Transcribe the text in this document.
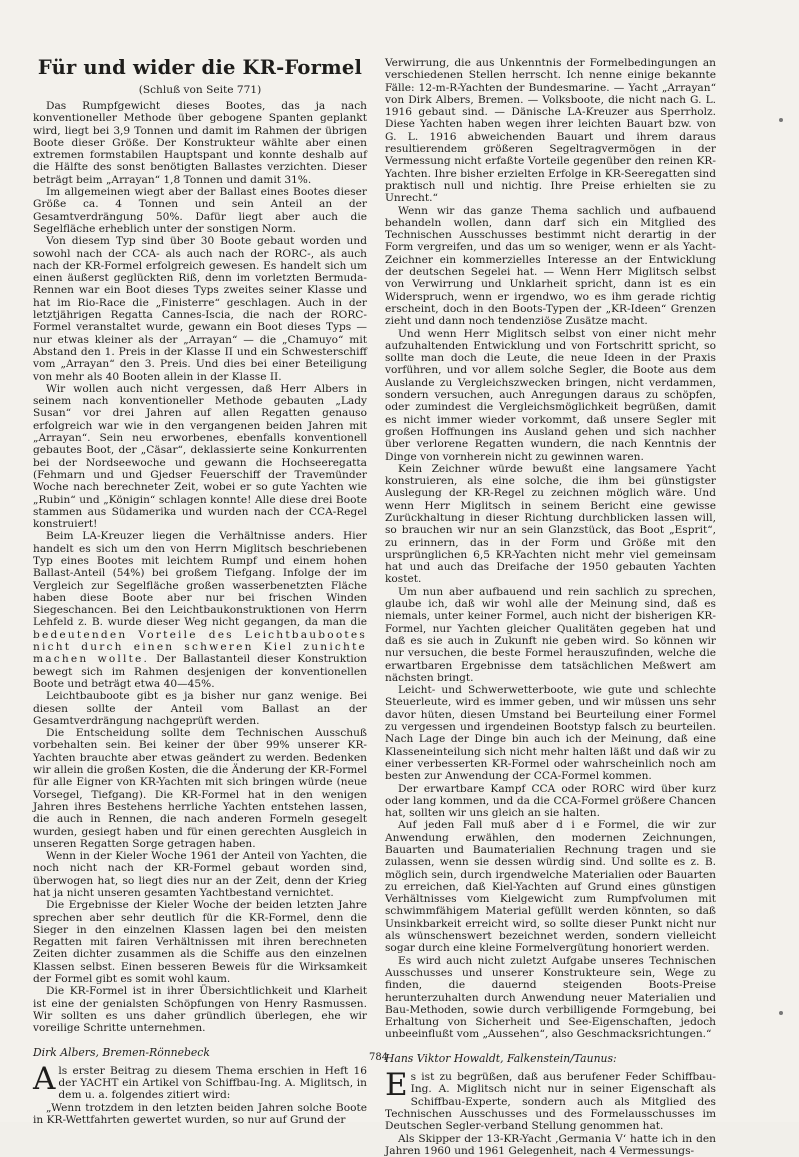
Für und wider die KR-Formel
(Schluß von Seite 771)

Das Rumpfgewicht dieses Bootes, das ja nach konventioneller Methode über gebogene Spanten geplankt wird, liegt bei 3,9 Tonnen und damit im Rahmen der übrigen Boote dieser Größe. Der Konstrukteur wählte aber einen extremen formstabilen Hauptspant und konnte deshalb auf die Hälfte des sonst benötigten Ballastes verzichten. Dieser beträgt beim „Arrayan“ 1,8 Tonnen und damit 31%.

Im allgemeinen wiegt aber der Ballast eines Bootes dieser Größe ca. 4 Tonnen und sein Anteil an der Gesamtverdrängung 50%. Dafür liegt aber auch die Segelfläche erheblich unter der sonstigen Norm.

Von diesem Typ sind über 30 Boote gebaut worden und sowohl nach der CCA- als auch nach der RORC-, als auch nach der KR-Formel erfolgreich gewesen. Es handelt sich um einen äußerst geglückten Riß, denn im vorletzten Bermuda-Rennen war ein Boot dieses Typs zweites seiner Klasse und hat im Rio-Race die „Finisterre“ geschlagen. Auch in der letztjährigen Regatta Cannes-Iscia, die nach der RORC-Formel veranstaltet wurde, gewann ein Boot dieses Typs — nur etwas kleiner als der „Arrayan“ — die „Chamuyo“ mit Abstand den 1. Preis in der Klasse II und ein Schwesterschiff vom „Arrayan“ den 3. Preis. Und dies bei einer Beteiligung von mehr als 40 Booten allein in der Klasse II.

Wir wollen auch nicht vergessen, daß Herr Albers in seinem nach konventioneller Methode gebauten „Lady Susan“ vor drei Jahren auf allen Regatten genauso erfolgreich war wie in den vergangenen beiden Jahren mit „Arrayan“. Sein neu erworbenes, ebenfalls konventionell gebautes Boot, der „Cäsar“, deklassierte seine Konkurrenten bei der Nordseewoche und gewann die Hochseeregatta (Fehmarn und und Gjedser Feuerschiff der Travemünder Woche nach berechneter Zeit, wobei er so gute Yachten wie „Rubin“ und „Königin“ schlagen konnte! Alle diese drei Boote stammen aus Südamerika und wurden nach der CCA-Regel konstruiert!

Beim LA-Kreuzer liegen die Verhältnisse anders. Hier handelt es sich um den von Herrn Miglitsch beschriebenen Typ eines Bootes mit leichtem Rumpf und einem hohen Ballast-Anteil (54%) bei großem Tiefgang. Infolge der im Vergleich zur Segelfläche großen wasserbenetzten Fläche haben diese Boote aber nur bei frischen Winden Siegeschancen. Bei den Leichtbaukonstruktionen von Herrn Lehfeld z. B. wurde dieser Weg nicht gegangen, da man die bedeutenden Vorteile des Leichtbaubootes nicht durch einen schweren Kiel zunichte machen wollte. Der Ballastanteil dieser Konstruktion bewegt sich im Rahmen desjenigen der konventionellen Boote und beträgt etwa 40—45%.

Leichtbauboote gibt es ja bisher nur ganz wenige. Bei diesen sollte der Anteil vom Ballast an der Gesamtverdrängung nachgeprüft werden.

Die Entscheidung sollte dem Technischen Ausschuß vorbehalten sein. Bei keiner der über 99% unserer KR-Yachten brauchte aber etwas geändert zu werden. Bedenken wir allein die großen Kosten, die die Änderung der KR-Formel für alle Eigner von KR-Yachten mit sich bringen würde (neue Vorsegel, Tiefgang). Die KR-Formel hat in den wenigen Jahren ihres Bestehens herrliche Yachten entstehen lassen, die auch in Rennen, die nach anderen Formeln gesegelt wurden, gesiegt haben und für einen gerechten Ausgleich in unseren Regatten Sorge getragen haben.

Wenn in der Kieler Woche 1961 der Anteil von Yachten, die noch nicht nach der KR-Formel gebaut worden sind, überwogen hat, so liegt dies nur an der Zeit, denn der Krieg hat ja nicht unseren gesamten Yachtbestand vernichtet.

Die Ergebnisse der Kieler Woche der beiden letzten Jahre sprechen aber sehr deutlich für die KR-Formel, denn die Sieger in den einzelnen Klassen lagen bei den meisten Regatten mit fairen Verhältnissen mit ihren berechneten Zeiten dichter zusammen als die Schiffe aus den einzelnen Klassen selbst. Einen besseren Beweis für die Wirksamkeit der Formel gibt es somit wohl kaum.

Die KR-Formel ist in ihrer Übersichtlichkeit und Klarheit ist eine der genialsten Schöpfungen von Henry Rasmussen. Wir sollten es uns daher gründlich überlegen, ehe wir voreilige Schritte unternehmen.

Dirk Albers, Bremen-Rönnebeck

Als erster Beitrag zu diesem Thema erschien in Heft 16 der YACHT ein Artikel von Schiffbau-Ing. A. Miglitsch, in dem u. a. folgendes zitiert wird:

„Wenn trotzdem in den letzten beiden Jahren solche Boote in KR-Wettfahrten gewertet wurden, so nur auf Grund der

Verwirrung, die aus Unkenntnis der Formelbedingungen an verschiedenen Stellen herrscht. Ich nenne einige bekannte Fälle: 12-m-R-Yachten der Bundesmarine. — Yacht „Arrayan“ von Dirk Albers, Bremen. — Volksboote, die nicht nach G. L. 1916 gebaut sind. — Dänische LA-Kreuzer aus Sperrholz. Diese Yachten haben wegen ihrer leichten Bauart bzw. von G. L. 1916 abweichenden Bauart und ihrem daraus resultierendem größeren Segeltragvermögen in der Vermessung nicht erfaßte Vorteile gegenüber den reinen KR-Yachten. Ihre bisher erzielten Erfolge in KR-Seeregatten sind praktisch null und nichtig. Ihre Preise erhielten sie zu Unrecht.“

Wenn wir das ganze Thema sachlich und aufbauend behandeln wollen, dann darf sich ein Mitglied des Technischen Ausschusses bestimmt nicht derartig in der Form vergreifen, und das um so weniger, wenn er als Yacht-Zeichner ein kommerzielles Interesse an der Entwicklung der deutschen Segelei hat. — Wenn Herr Miglitsch selbst von Verwirrung und Unklarheit spricht, dann ist es ein Widerspruch, wenn er irgendwo, wo es ihm gerade richtig erscheint, doch in den Boots-Typen der „KR-Ideen“ Grenzen zieht und dann noch tendenziöse Zusätze macht.

Und wenn Herr Miglitsch selbst von einer nicht mehr aufzuhaltenden Entwicklung und von Fortschritt spricht, so sollte man doch die Leute, die neue Ideen in der Praxis vorführen, und vor allem solche Segler, die Boote aus dem Auslande zu Vergleichszwecken bringen, nicht verdammen, sondern versuchen, auch Anregungen daraus zu schöpfen, oder zumindest die Vergleichsmöglichkeit begrüßen, damit es nicht immer wieder vorkommt, daß unsere Segler mit großen Hoffnungen ins Ausland gehen und sich nachher über verlorene Regatten wundern, die nach Kenntnis der Dinge von vornherein nicht zu gewinnen waren.

Kein Zeichner würde bewußt eine langsamere Yacht konstruieren, als eine solche, die ihm bei günstigster Auslegung der KR-Regel zu zeichnen möglich wäre. Und wenn Herr Miglitsch in seinem Bericht eine gewisse Zurückhaltung in dieser Richtung durchblicken lassen will, so brauchen wir nur an sein Glanzstück, das Boot „Esprit“, zu erinnern, das in der Form und Größe mit den ursprünglichen 6,5 KR-Yachten nicht mehr viel gemeinsam hat und auch das Dreifache der 1950 gebauten Yachten kostet.

Um nun aber aufbauend und rein sachlich zu sprechen, glaube ich, daß wir wohl alle der Meinung sind, daß es niemals, unter keiner Formel, auch nicht der bisherigen KR-Formel, nur Yachten gleicher Qualitäten gegeben hat und daß es sie auch in Zukunft nie geben wird. So können wir nur versuchen, die beste Formel herauszufinden, welche die erwartbaren Ergebnisse dem tatsächlichen Meßwert am nächsten bringt.

Leicht- und Schwerwetterboote, wie gute und schlechte Steuerleute, wird es immer geben, und wir müssen uns sehr davor hüten, diesen Umstand bei Beurteilung einer Formel zu vergessen und irgendeinen Bootstyp falsch zu beurteilen. Nach Lage der Dinge bin auch ich der Meinung, daß eine Klasseneinteilung sich nicht mehr halten läßt und daß wir zu einer verbesserten KR-Formel oder wahrscheinlich noch am besten zur Anwendung der CCA-Formel kommen.

Der erwartbare Kampf CCA oder RORC wird über kurz oder lang kommen, und da die CCA-Formel größere Chancen hat, sollten wir uns gleich an sie halten.

Auf jeden Fall muß aber d i e Formel, die wir zur Anwendung erwählen, den modernen Zeichnungen, Bauarten und Baumaterialien Rechnung tragen und sie zulassen, wenn sie dessen würdig sind. Und sollte es z. B. möglich sein, durch irgendwelche Materialien oder Bauarten zu erreichen, daß Kiel-Yachten auf Grund eines günstigen Verhältnisses vom Kielgewicht zum Rumpfvolumen mit schwimmfähigem Material gefüllt werden könnten, so daß Unsinkbarkeit erreicht wird, so sollte dieser Punkt nicht nur als wünschenswert bezeichnet werden, sondern vielleicht sogar durch eine kleine Formelvergütung honoriert werden.

Es wird auch nicht zuletzt Aufgabe unseres Technischen Ausschusses und unserer Konstrukteure sein, Wege zu finden, die dauernd steigenden Boots-Preise herunterzuhalten durch Anwendung neuer Materialien und Bau-Methoden, sowie durch verbilligende Formgebung, bei Erhaltung von Sicherheit und See-Eigenschaften, jedoch unbeeinflußt vom „Aussehen“, also Geschmacksrichtungen.“

Hans Viktor Howaldt, Falkenstein/Taunus:

Es ist zu begrüßen, daß aus berufener Feder Schiffbau-Ing. A. Miglitsch nicht nur in seiner Eigenschaft als Schiffbau-Experte, sondern auch als Mitglied des Technischen Ausschusses und des Formelausschusses im Deutschen Segler-verband Stellung genommen hat.

Als Skipper der 13-KR-Yacht ‚Germania V‘ hatte ich in den Jahren 1960 und 1961 Gelegenheit, nach 4 Vermessungs-

784
